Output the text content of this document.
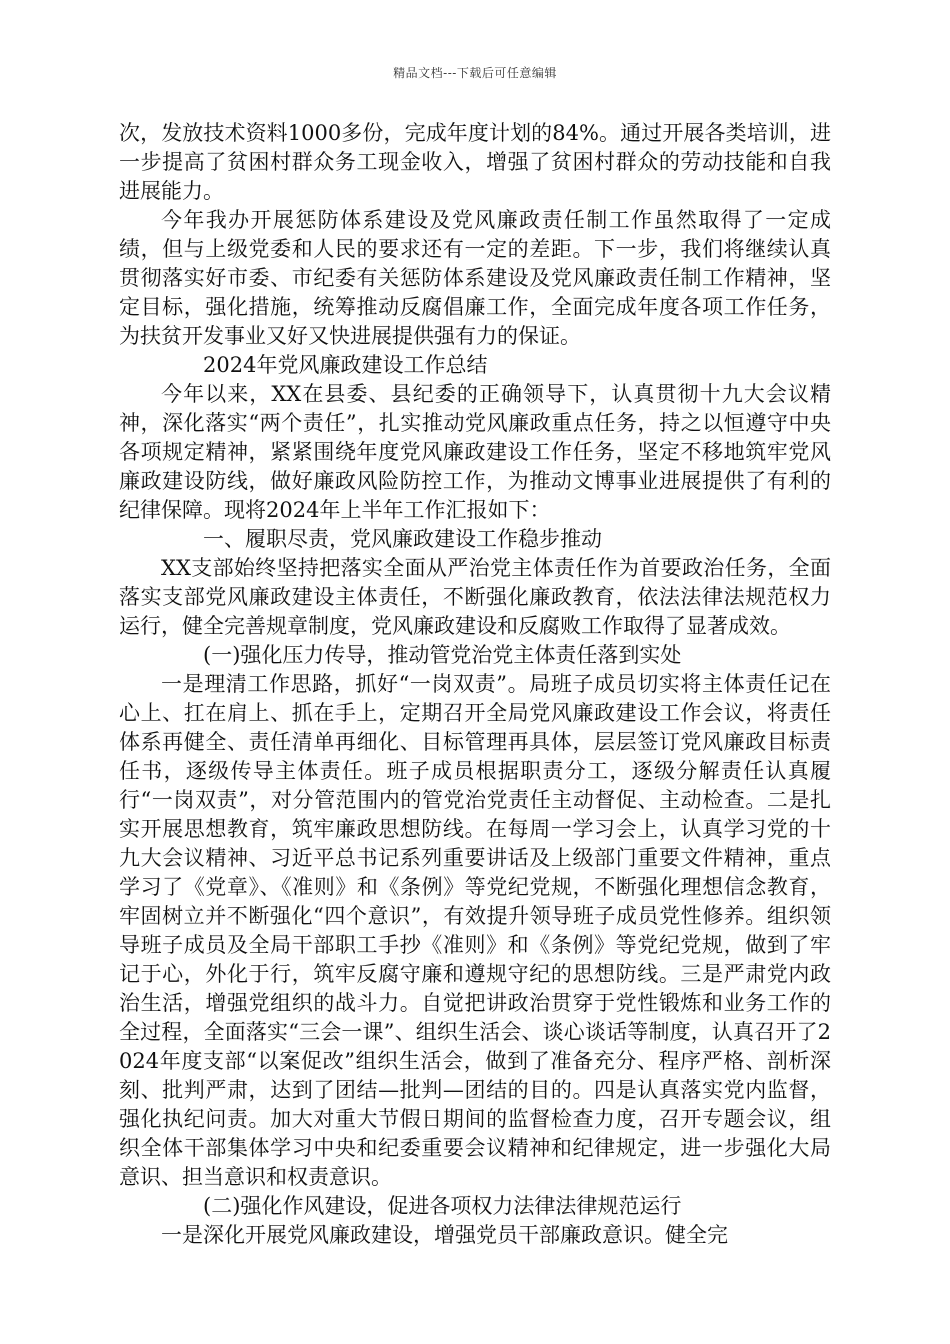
精品文档---下载后可任意编辑

次，发放技术资料1000多份，完成年度计划的84%。通过开展各类培训，进一步提高了贫困村群众务工现金收入，增强了贫困村群众的劳动技能和自我进展能力。

今年我办开展惩防体系建设及党风廉政责任制工作虽然取得了一定成绩，但与上级党委和人民的要求还有一定的差距。下一步，我们将继续认真贯彻落实好市委、市纪委有关惩防体系建设及党风廉政责任制工作精神，坚定目标，强化措施，统筹推动反腐倡廉工作，全面完成年度各项工作任务，为扶贫开发事业又好又快进展提供强有力的保证。

2024年党风廉政建设工作总结

今年以来，XX在县委、县纪委的正确领导下，认真贯彻十九大会议精神，深化落实“两个责任”，扎实推动党风廉政重点任务，持之以恒遵守中央各项规定精神，紧紧围绕年度党风廉政建设工作任务，坚定不移地筑牢党风廉政建设防线，做好廉政风险防控工作，为推动文博事业进展提供了有利的纪律保障。现将2024年上半年工作汇报如下：

一、履职尽责，党风廉政建设工作稳步推动

XX支部始终坚持把落实全面从严治党主体责任作为首要政治任务，全面落实支部党风廉政建设主体责任，不断强化廉政教育，依法法律法规范权力运行，健全完善规章制度，党风廉政建设和反腐败工作取得了显著成效。

(一)强化压力传导，推动管党治党主体责任落到实处

一是理清工作思路，抓好“一岗双责”。局班子成员切实将主体责任记在心上、扛在肩上、抓在手上，定期召开全局党风廉政建设工作会议，将责任体系再健全、责任清单再细化、目标管理再具体，层层签订党风廉政目标责任书，逐级传导主体责任。班子成员根据职责分工，逐级分解责任认真履行“一岗双责”，对分管范围内的管党治党责任主动督促、主动检查。二是扎实开展思想教育，筑牢廉政思想防线。在每周一学习会上，认真学习党的十九大会议精神、习近平总书记系列重要讲话及上级部门重要文件精神，重点学习了《党章》、《准则》和《条例》等党纪党规，不断强化理想信念教育，牢固树立并不断强化“四个意识”，有效提升领导班子成员党性修养。组织领导班子成员及全局干部职工手抄《准则》和《条例》等党纪党规，做到了牢记于心，外化于行，筑牢反腐守廉和遵规守纪的思想防线。三是严肃党内政治生活，增强党组织的战斗力。自觉把讲政治贯穿于党性锻炼和业务工作的全过程，全面落实“三会一课”、组织生活会、谈心谈话等制度，认真召开了2024年度支部“以案促改”组织生活会，做到了准备充分、程序严格、剖析深刻、批判严肃，达到了团结—批判—团结的目的。四是认真落实党内监督，强化执纪问责。加大对重大节假日期间的监督检查力度，召开专题会议，组织全体干部集体学习中央和纪委重要会议精神和纪律规定，进一步强化大局意识、担当意识和权责意识。

(二)强化作风建设，促进各项权力法律法律规范运行

一是深化开展党风廉政建设，增强党员干部廉政意识。健全完
